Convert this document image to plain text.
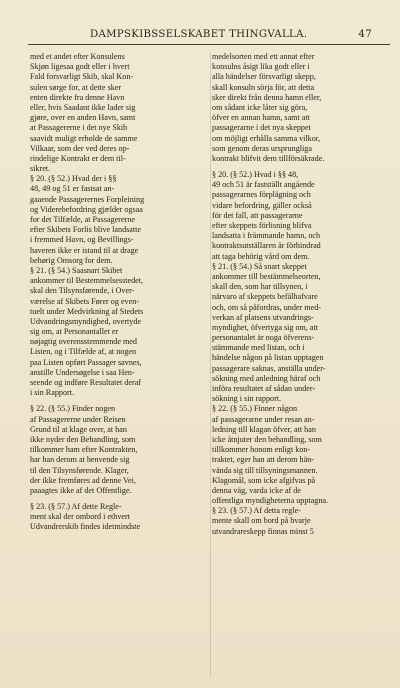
DAMPSKIBSSELSKABET THINGVALLA.	47
med et andet efter Konsulens
Skjøn ligesaa godt eller i hvert
Fald forsvarligt Skib, skal Kon-
sulen sørge for, at dette sker
enten direkte fra denne Havn
eller, hvis Saadant ikke lader sig
gjøre, over en anden Havn, samt
at Passagererne i det nye Skib
saavidt muligt erholde de samme
Vilkaar, som der ved deres op-
rindelige Kontrakt er dem til-
sikret.
§ 20. (§ 52.) Hvad der i §§
48, 49 og 51 er fastsat an-
gaaende Passagerernes Forpleining
og Viderebefordring gjælder ogsaa
for det Tilfælde, at Passagererne
efter Skibets Forlis blive landsatte
i fremmed Havn, og Bevillings-
haveren ikke er istand til at drage
behørig Omsorg for dem.
§ 21. (§ 54.) Saasnart Skibet
ankommer til Bestemmelsesstedet,
skal den Tilsynsførende, i Over-
værelse af Skibets Fører og even-
tuelt under Medvirkning af Stedets
Udvandringsmyndighed, overtyde
sig om, at Personantallet er
nøjagtig overensstemmende med
Listen, og i Tilfælde af, at nogen
paa Listen opført Passager savnes,
anstille Undersøgelse i saa Hen-
seende og indføre Resultatet deraf
i sin Rapport.
§ 22. (§ 55.) Finder nogen
af Passagererne under Reisen
Grund til at klage over, at han
ikke nyder den Behandling, som
tilkommer ham efter Kontrakten,
har han derom at henvende sig
til den Tilsynsførende. Klager,
der ikke fremføres ad denne Vei,
paaagtes ikke af det Offentlige.
§ 23. (§ 57.) Af dette Regle-
ment skal der ombord i ethvert
Udvandrerskib findes idetmindste
medelsorten med ett annat efter
konsulns åsigt lika godt eller i
alla händelser försvarligt skepp,
skall konsuln sörja för, att detta
sker direkt från denna hamn eller,
om sådant icke låter sig göra,
öfver en annan hamn, samt att
passagerarne i det nya skeppet
om möjligt erhålla samma vilkor,
som genom deras ursprungliga
kontrakt blifvit dem tillförsäkrade.
§ 20. (§ 52.) Hvad i §§ 48,
49 och 51 är fastställt angående
passagerarnes förplägning och
vidare befordring, gäller också
för det fall, att passagerarne
efter skeppets förlisning blifva
landsatta i främmande hamn, och
kontraktsutställaren är förhindrad
att taga behörig vård om dem.
§ 21. (§ 54.) Så snart skeppet
ankommer till bestämmelseorten,
skall den, som har tillsynen, i
närvaro af skeppets befälhafvare
och, om så påfordras, under med-
verkan af platsens utvandrings-
myndighet, öfvertyga sig om, att
personantalet är noga öfverens-
stämmande med listan, och i
händelse någon på listan upptagen
passagerare saknas, anställa under-
sökning med anledning häraf och
införa resultatet af sådan under-
sökning i sin rapport.
§ 22. (§ 55.) Finner någon
af passagerarne under resan an-
ledning till klagan öfver, att han
icke åtnjuter den behandling, som
tillkommer honom enligt kon-
traktet, eger han att derom hän-
vända sig till tillsyningsmannen.
Klagomål, som icke afgifvas på
denna väg, varda icke af de
offentliga myndigheterna upptagna.
§ 23. (§ 57.) Af detta regle-
mente skall om bord på hvarje
utvandrareskepp finnas minst 5
